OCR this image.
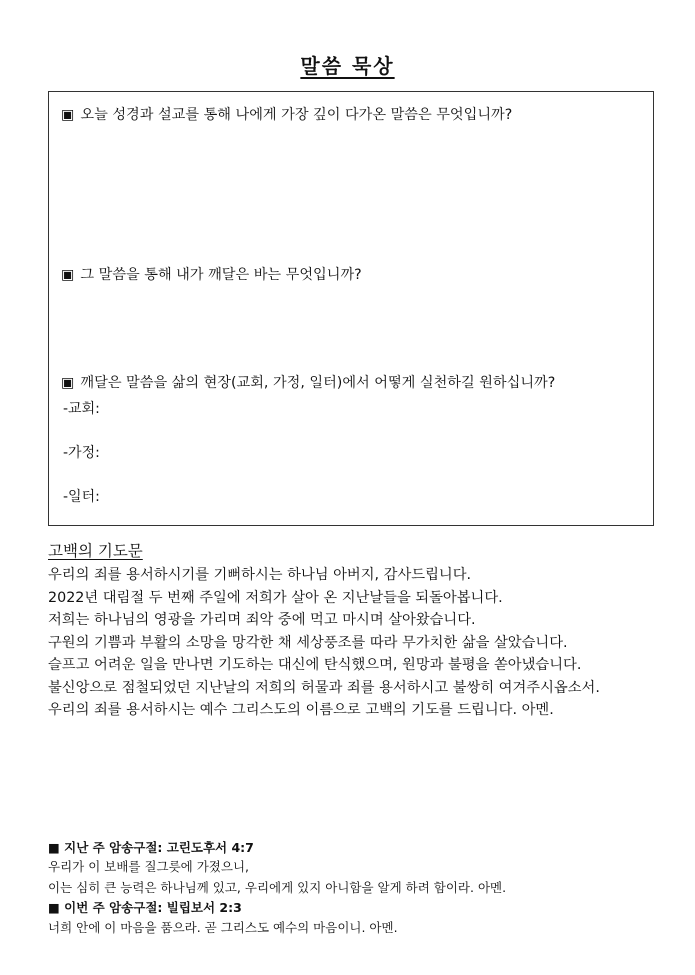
말씀 묵상
▣ 오늘 성경과 설교를 통해 나에게 가장 깊이 다가온 말씀은 무엇입니까?
▣ 그 말씀을 통해 내가 깨달은 바는 무엇입니까?
▣ 깨달은 말씀을 삶의 현장(교회, 가정, 일터)에서 어떻게 실천하길 원하십니까?
-교회:
-가정:
-일터:
고백의 기도문
우리의 죄를 용서하시기를 기뻐하시는 하나님 아버지, 감사드립니다.
2022년 대림절 두 번째 주일에 저희가 살아 온 지난날들을 되돌아봅니다.
저희는 하나님의 영광을 가리며 죄악 중에 먹고 마시며 살아왔습니다.
구원의 기쁨과 부활의 소망을 망각한 채 세상풍조를 따라 무가치한 삶을 살았습니다.
슬프고 어려운 일을 만나면 기도하는 대신에 탄식했으며, 원망과 불평을 쏟아냈습니다.
불신앙으로 점철되었던 지난날의 저희의 허물과 죄를 용서하시고 불쌍히 여겨주시옵소서.
우리의 죄를 용서하시는 예수 그리스도의 이름으로 고백의 기도를 드립니다. 아멘.
■ 지난 주 암송구절: 고린도후서 4:7
우리가 이 보배를 질그릇에 가졌으니,
이는 심히 큰 능력은 하나님께 있고, 우리에게 있지 아니함을 알게 하려 함이라. 아멘.
■ 이번 주 암송구절: 빌립보서 2:3
너희 안에 이 마음을 품으라. 곧 그리스도 예수의 마음이니. 아멘.
